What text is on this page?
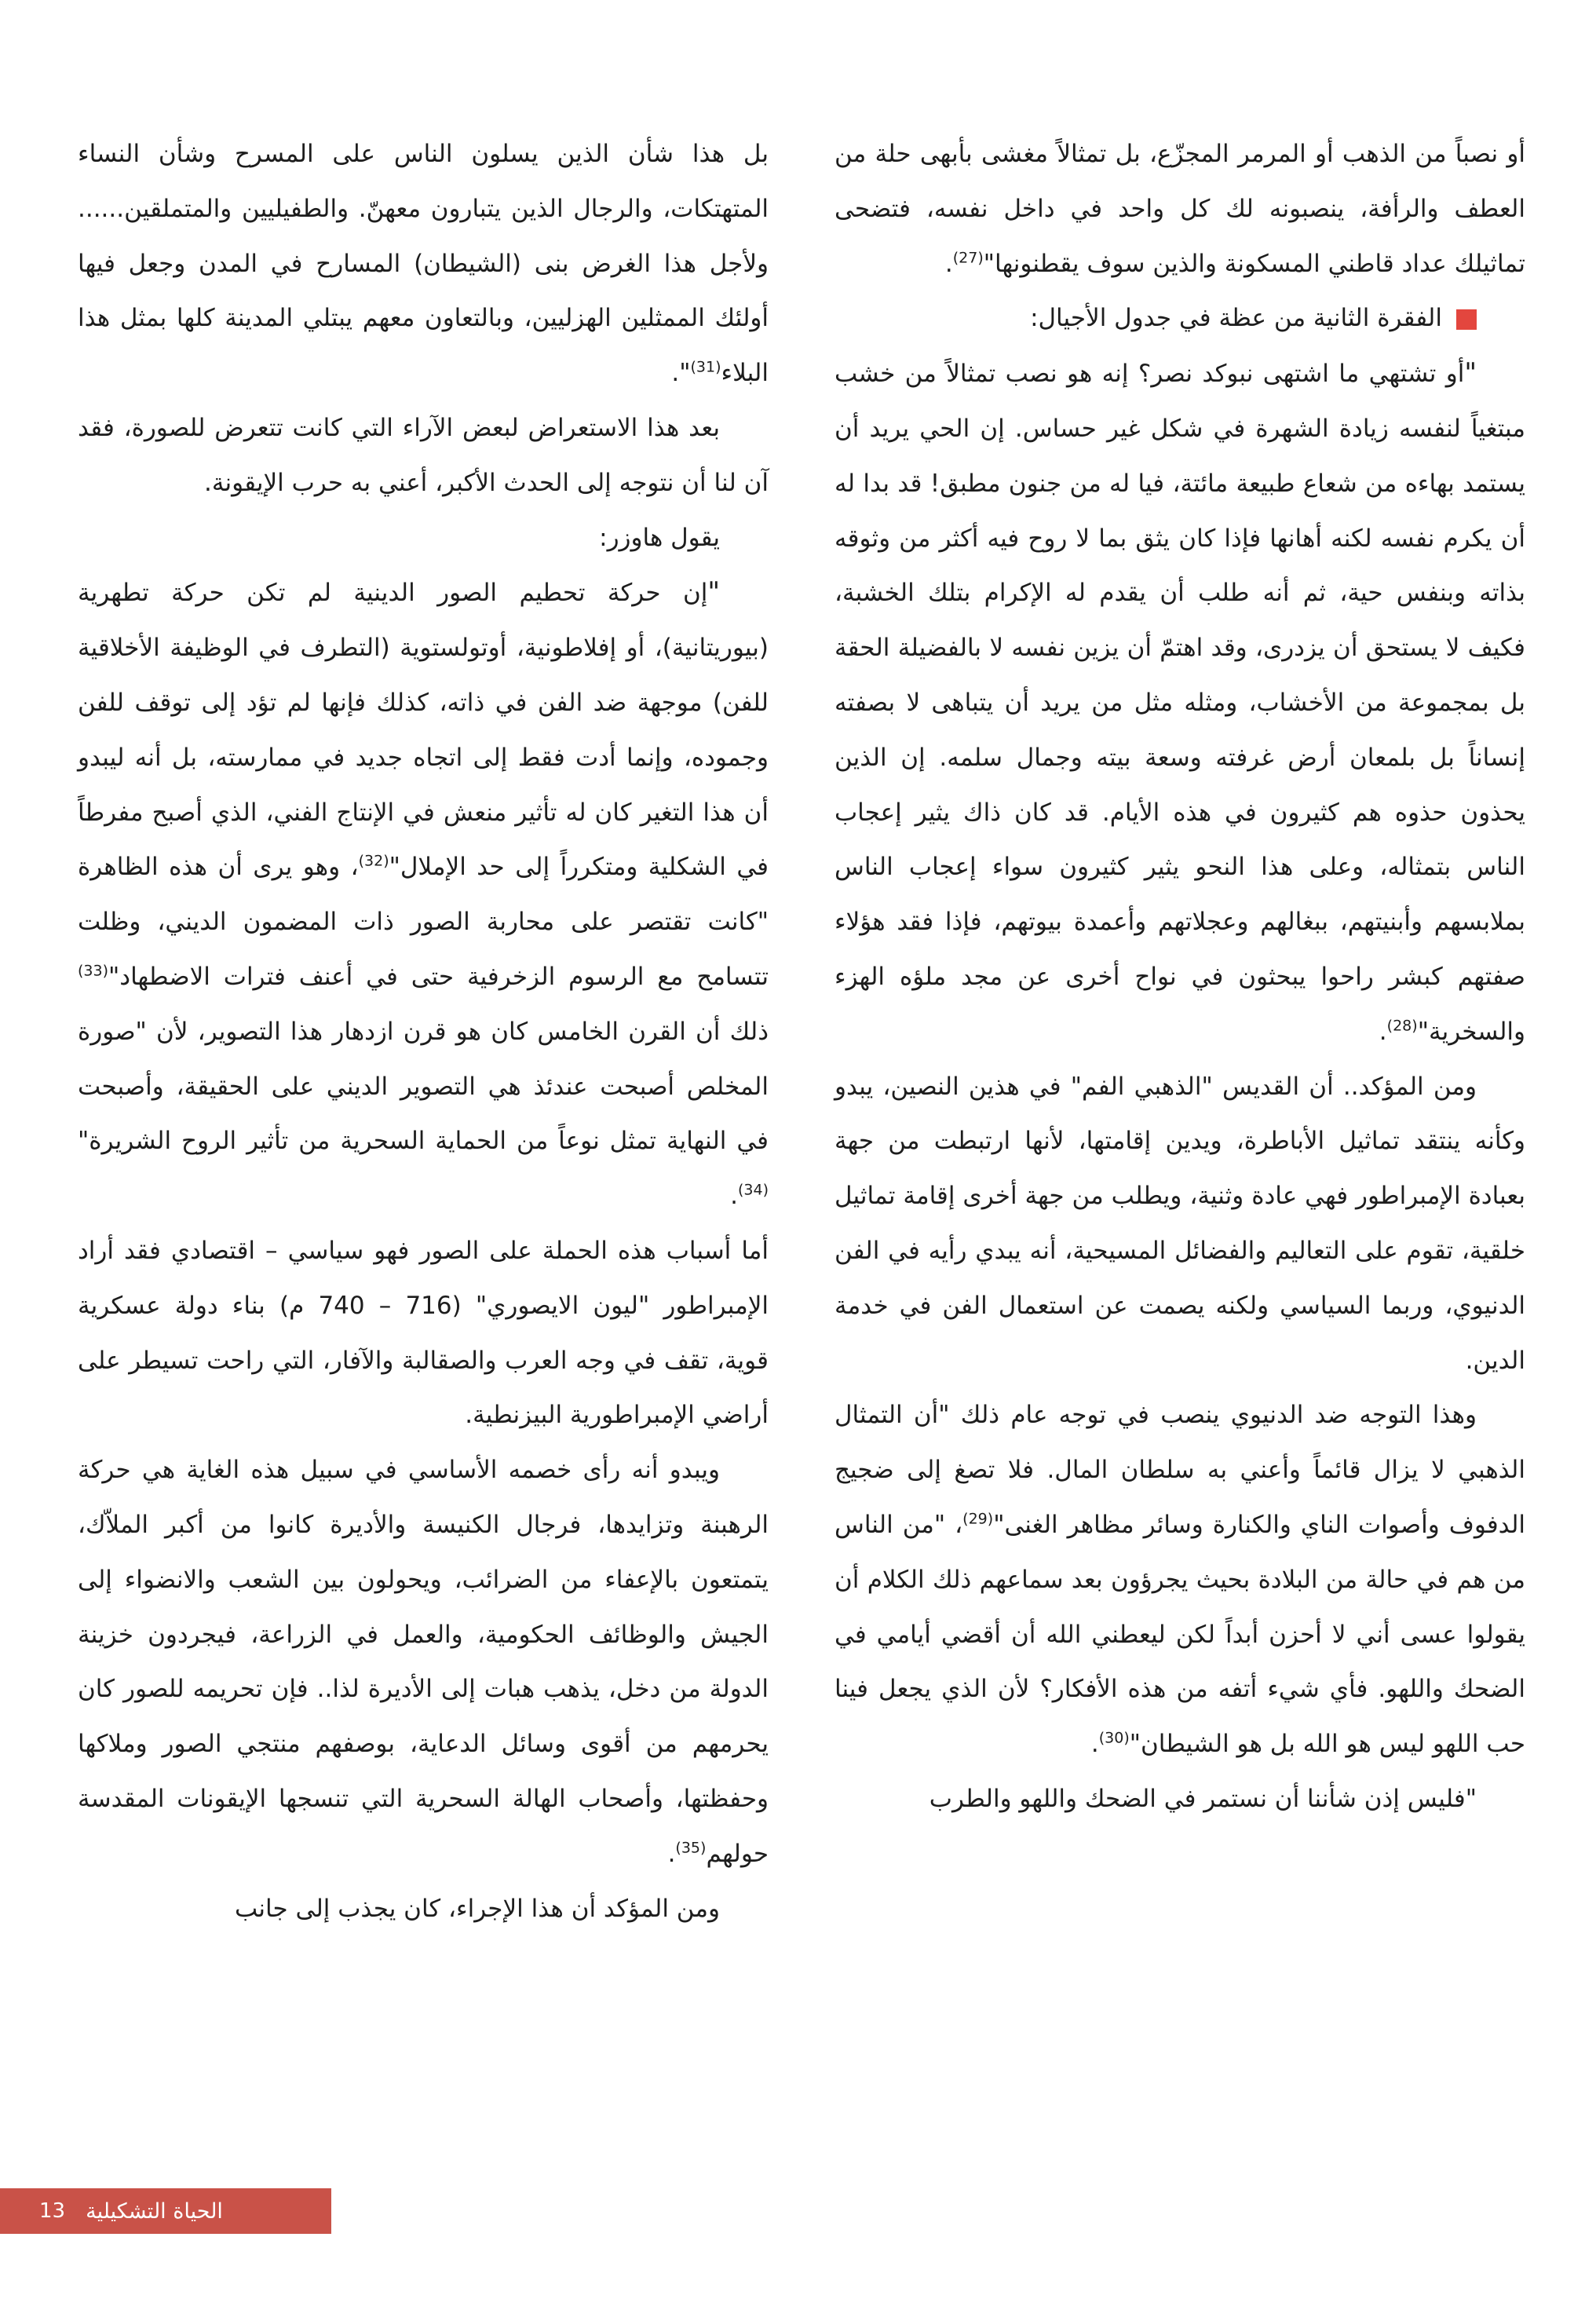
أو نصباً من الذهب أو المرمر المجزّع، بل تمثالاً مغشى بأبهى حلة من العطف والرأفة، ينصبونه لك كل واحد في داخل نفسه، فتضحى تماثيلك عداد قاطني المسكونة والذين سوف يقطنونها"$^{(27)}$.

الفقرة الثانية من عظة في جدول الأجيال:

"أو تشتهي ما اشتهى نبوكد نصر؟ إنه هو نصب تمثالاً من خشب مبتغياً لنفسه زيادة الشهرة في شكل غير حساس. إن الحي يريد أن يستمد بهاءه من شعاع طبيعة مائتة، فيا له من جنون مطبق! قد بدا له أن يكرم نفسه لكنه أهانها فإذا كان يثق بما لا روح فيه أكثر من وثوقه بذاته وبنفس حية، ثم أنه طلب أن يقدم له الإكرام بتلك الخشبة، فكيف لا يستحق أن يزدرى، وقد اهتمّ أن يزين نفسه لا بالفضيلة الحقة بل بمجموعة من الأخشاب، ومثله مثل من يريد أن يتباهى لا بصفته إنساناً بل بلمعان أرض غرفته وسعة بيته وجمال سلمه. إن الذين يحذون حذوه هم كثيرون في هذه الأيام. قد كان ذاك يثير إعجاب الناس بتمثاله، وعلى هذا النحو يثير كثيرون سواء إعجاب الناس بملابسهم وأبنيتهم، ببغالهم وعجلاتهم وأعمدة بيوتهم، فإذا فقد هؤلاء صفتهم كبشر راحوا يبحثون في نواح أخرى عن مجد ملؤه الهزء والسخرية"$^{(28)}$.

ومن المؤكد.. أن القديس "الذهبي الفم" في هذين النصين، يبدو وكأنه ينتقد تماثيل الأباطرة، ويدين إقامتها، لأنها ارتبطت من جهة بعبادة الإمبراطور فهي عادة وثنية، ويطلب من جهة أخرى إقامة تماثيل خلقية، تقوم على التعاليم والفضائل المسيحية، أنه يبدي رأيه في الفن الدنيوي، وربما السياسي ولكنه يصمت عن استعمال الفن في خدمة الدين.

وهذا التوجه ضد الدنيوي ينصب في توجه عام ذلك "أن التمثال الذهبي لا يزال قائماً وأعني به سلطان المال. فلا تصغ إلى ضجيج الدفوف وأصوات الناي والكنارة وسائر مظاهر الغنى"$^{(29)}$، "من الناس من هم في حالة من البلادة بحيث يجرؤون بعد سماعهم ذلك الكلام أن يقولوا عسى أني لا أحزن أبداً لكن ليعطني الله أن أقضي أيامي في الضحك واللهو. فأي شيء أتفه من هذه الأفكار؟ لأن الذي يجعل فينا حب اللهو ليس هو الله بل هو الشيطان"$^{(30)}$.

"فليس إذن شأننا أن نستمر في الضحك واللهو والطرب

بل هذا شأن الذين يسلون الناس على المسرح وشأن النساء المتهتكات، والرجال الذين يتبارون معهنّ. والطفيليين والمتملقين...... ولأجل هذا الغرض بنى (الشيطان) المسارح في المدن وجعل فيها أولئك الممثلين الهزليين، وبالتعاون معهم يبتلي المدينة كلها بمثل هذا البلاء$^{(31)}$".

بعد هذا الاستعراض لبعض الآراء التي كانت تتعرض للصورة، فقد آن لنا أن نتوجه إلى الحدث الأكبر، أعني به حرب الإيقونة.

يقول هاوزر:

"إن حركة تحطيم الصور الدينية لم تكن حركة تطهرية (بيوريتانية)، أو إفلاطونية، أوتولستوية (التطرف في الوظيفة الأخلاقية للفن) موجهة ضد الفن في ذاته، كذلك فإنها لم تؤد إلى توقف للفن وجموده، وإنما أدت فقط إلى اتجاه جديد في ممارسته، بل أنه ليبدو أن هذا التغير كان له تأثير منعش في الإنتاج الفني، الذي أصبح مفرطاً في الشكلية ومتكرراً إلى حد الإملال"$^{(32)}$، وهو يرى أن هذه الظاهرة "كانت تقتصر على محاربة الصور ذات المضمون الديني، وظلت تتسامح مع الرسوم الزخرفية حتى في أعنف فترات الاضطهاد"$^{(33)}$ ذلك أن القرن الخامس كان هو قرن ازدهار هذا التصوير، لأن "صورة المخلص أصبحت عندئذ هي التصوير الديني على الحقيقة، وأصبحت في النهاية تمثل نوعاً من الحماية السحرية من تأثير الروح الشريرة"$^{(34)}$.

أما أسباب هذه الحملة على الصور فهو سياسي – اقتصادي فقد أراد الإمبراطور "ليون الايصوري" (716 – 740 م) بناء دولة عسكرية قوية، تقف في وجه العرب والصقالبة والآفار، التي راحت تسيطر على أراضي الإمبراطورية البيزنطية.

ويبدو أنه رأى خصمه الأساسي في سبيل هذه الغاية هي حركة الرهبنة وتزايدها، فرجال الكنيسة والأديرة كانوا من أكبر الملاّك، يتمتعون بالإعفاء من الضرائب، ويحولون بين الشعب والانضواء إلى الجيش والوظائف الحكومية، والعمل في الزراعة، فيجردون خزينة الدولة من دخل، يذهب هبات إلى الأديرة لذا.. فإن تحريمه للصور كان يحرمهم من أقوى وسائل الدعاية، بوصفهم منتجي الصور وملاكها وحفظتها، وأصحاب الهالة السحرية التي تنسجها الإيقونات المقدسة حولهم$^{(35)}$.

ومن المؤكد أن هذا الإجراء، كان يجذب إلى جانب

الحياة التشكيلية
13
